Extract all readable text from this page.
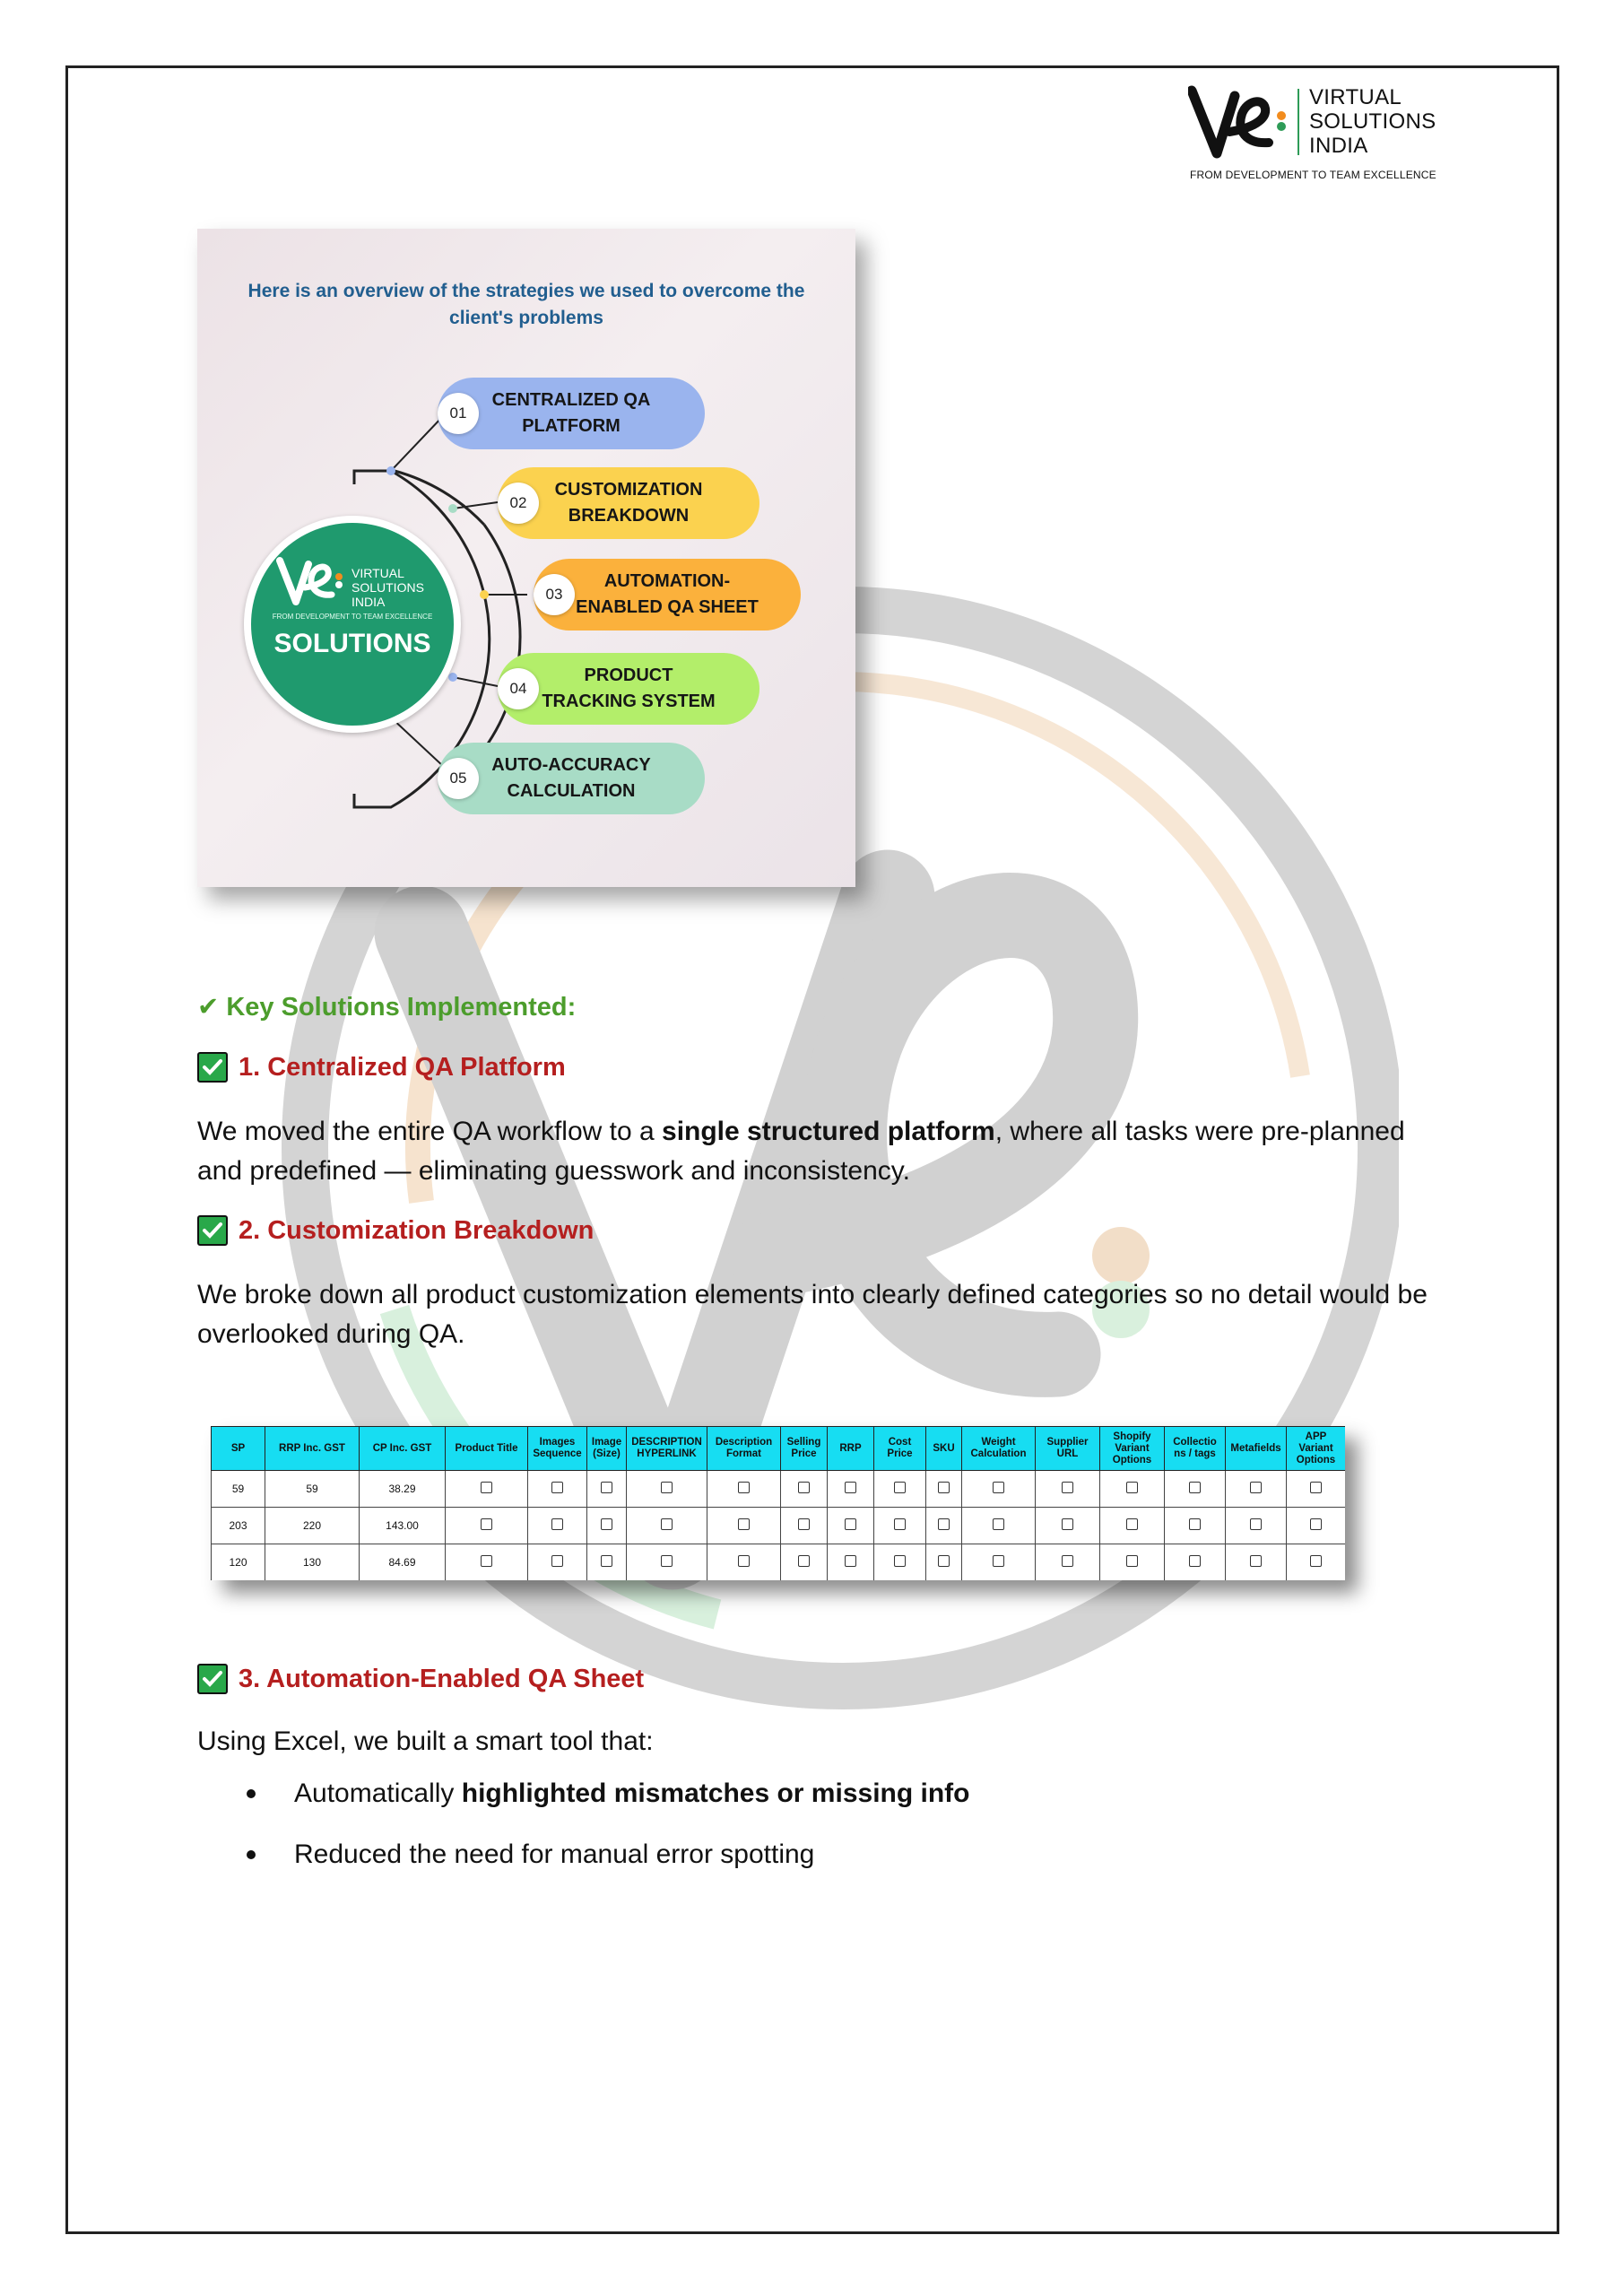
VIRTUAL
SOLUTIONS
INDIA
FROM DEVELOPMENT TO TEAM EXCELLENCE
Here is an overview of the strategies we used to overcome the client's problems
VIRTUAL
SOLUTIONS
INDIA
FROM DEVELOPMENT TO TEAM EXCELLENCE
SOLUTIONS
CENTRALIZED QA
PLATFORM
01
CUSTOMIZATION
BREAKDOWN
02
AUTOMATION-
ENABLED QA SHEET
03
PRODUCT
TRACKING SYSTEM
04
AUTO-ACCURACY
CALCULATION
05
✔ Key Solutions Implemented:
1. Centralized QA Platform
We moved the entire QA workflow to a single structured platform, where all tasks were pre-planned and predefined — eliminating guesswork and inconsistency.
2. Customization Breakdown
We broke down all product customization elements into clearly defined categories so no detail would be overlooked during QA.
SP	RRP Inc. GST	CP Inc. GST	Product Title	Images Sequence	Image (Size)	DESCRIPTION HYPERLINK	Description Format	Selling Price	RRP	Cost Price	SKU	Weight Calculation	Supplier URL	Shopify Variant Options	Collectio ns / tags	Metafields	APP Variant Options
59	59	38.29															
203	220	143.00															
120	130	84.69															
3. Automation-Enabled QA Sheet
Using Excel, we built a smart tool that:
Automatically highlighted mismatches or missing info
Reduced the need for manual error spotting
